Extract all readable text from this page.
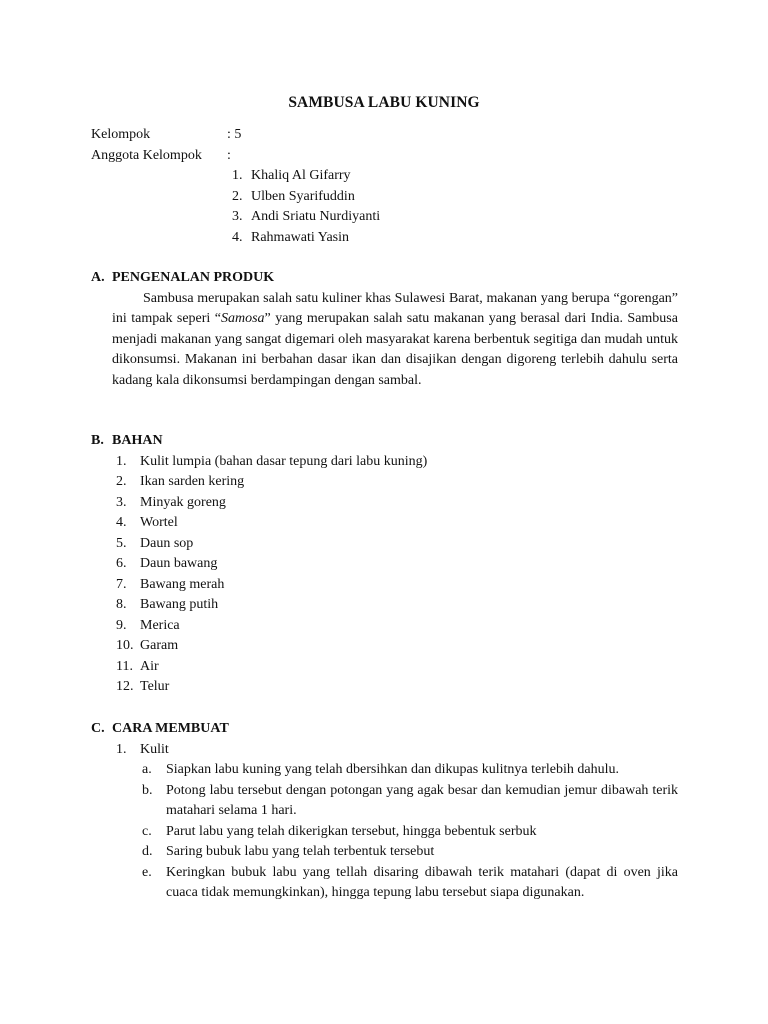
SAMBUSA LABU KUNING
Kelompok	: 5
Anggota Kelompok :
1. Khaliq Al Gifarry
2. Ulben Syarifuddin
3. Andi Sriatu Nurdiyanti
4. Rahmawati Yasin
A. PENGENALAN PRODUK

Sambusa merupakan salah satu kuliner khas Sulawesi Barat, makanan yang berupa “gorengan” ini tampak seperi “Samosa” yang merupakan salah satu makanan yang berasal dari India. Sambusa menjadi makanan yang sangat digemari oleh masyarakat karena berbentuk segitiga dan mudah untuk dikonsumsi. Makanan ini berbahan dasar ikan dan disajikan dengan digoreng terlebih dahulu serta kadang kala dikonsumsi berdampingan dengan sambal.

B. BAHAN
1. Kulit lumpia (bahan dasar tepung dari labu kuning)
2. Ikan sarden kering
3. Minyak goreng
4. Wortel
5. Daun sop
6. Daun bawang
7. Bawang merah
8. Bawang putih
9. Merica
10. Garam
11. Air
12. Telur
C. CARA MEMBUAT
1. Kulit
a. Siapkan labu kuning yang telah dbersihkan dan dikupas kulitnya terlebih dahulu.
b. Potong labu tersebut dengan potongan yang agak besar dan kemudian jemur dibawah terik matahari selama 1 hari.
c. Parut labu yang telah dikerigkan tersebut, hingga bebentuk serbuk
d. Saring bubuk labu yang telah terbentuk tersebut
e. Keringkan bubuk labu yang tellah disaring dibawah terik matahari (dapat di oven jika cuaca tidak memungkinkan), hingga tepung labu tersebut siapa digunakan.
